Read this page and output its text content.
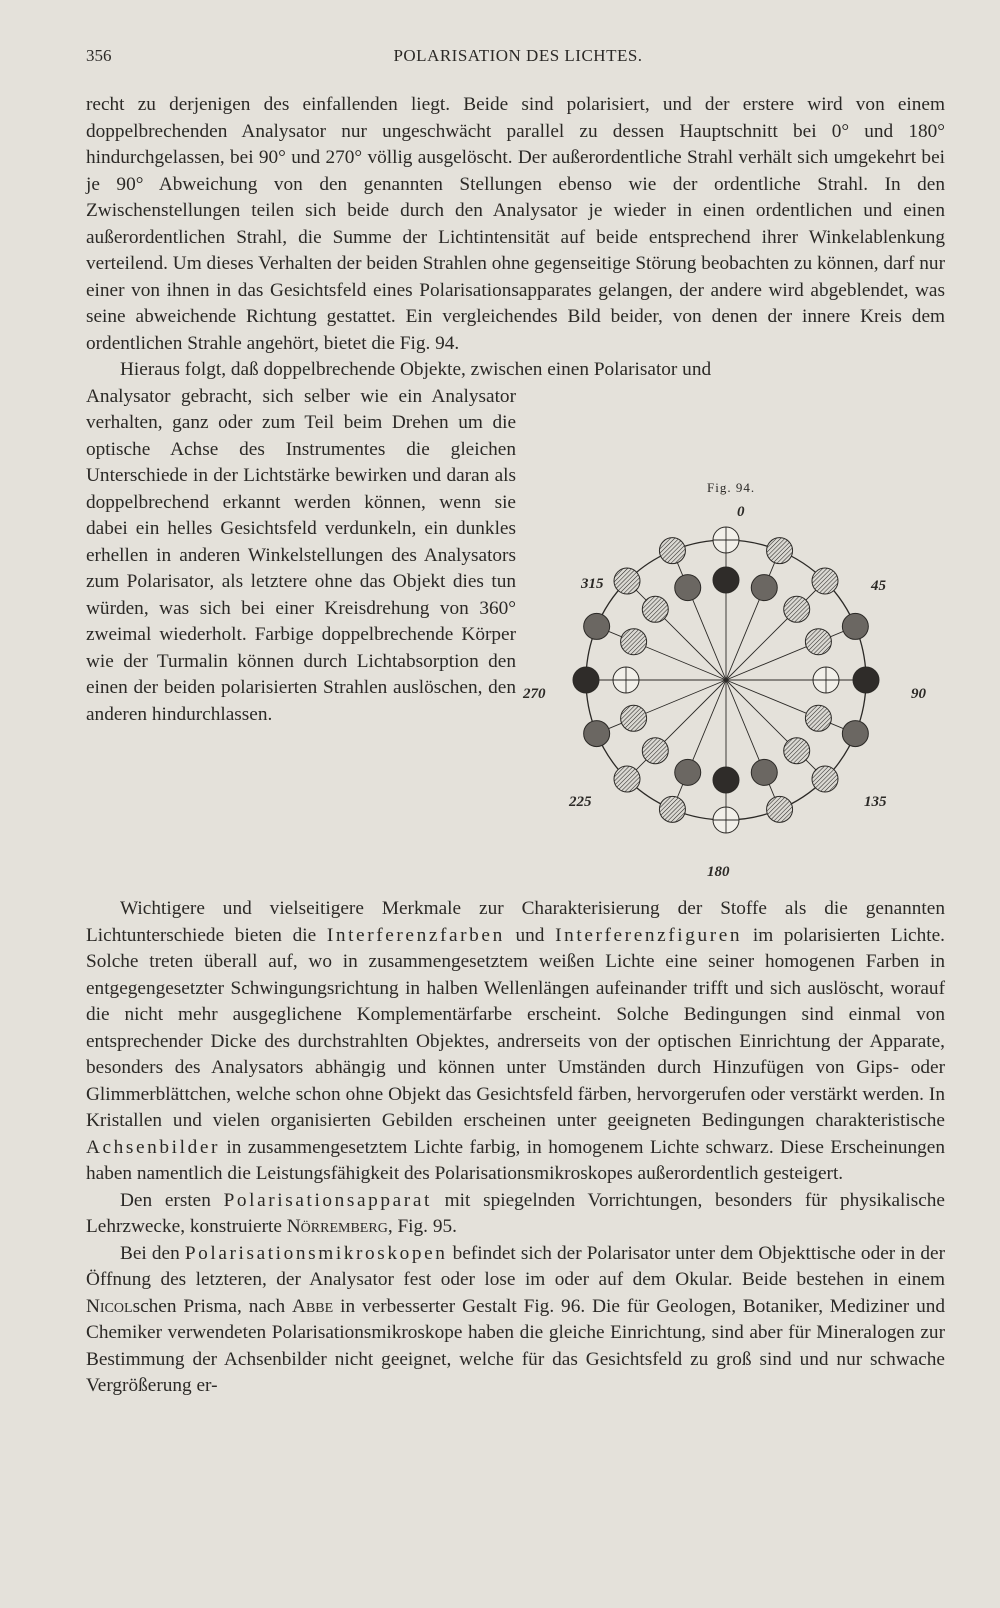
356	POLARISATION DES LICHTES.

recht zu derjenigen des einfallenden liegt. Beide sind polarisiert, und der erstere wird von einem doppelbrechenden Analysator nur ungeschwächt parallel zu dessen Hauptschnitt bei 0° und 180° hindurchgelassen, bei 90° und 270° völlig ausgelöscht. Der außerordentliche Strahl verhält sich umgekehrt bei je 90° Abweichung von den genannten Stellungen ebenso wie der ordentliche Strahl. In den Zwischenstellungen teilen sich beide durch den Analysator je wieder in einen ordentlichen und einen außerordentlichen Strahl, die Summe der Lichtintensität auf beide entsprechend ihrer Winkelablenkung verteilend. Um dieses Verhalten der beiden Strahlen ohne gegenseitige Störung beobachten zu können, darf nur einer von ihnen in das Gesichtsfeld eines Polarisationsapparates gelangen, der andere wird abgeblendet, was seine abweichende Richtung gestattet. Ein vergleichendes Bild beider, von denen der innere Kreis dem ordentlichen Strahle angehört, bietet die Fig. 94.

Hieraus folgt, daß doppelbrechende Objekte, zwischen einen Polarisator und

Analysator gebracht, sich selber wie ein Analysator verhalten, ganz oder zum Teil beim Drehen um die optische Achse des Instrumentes die gleichen Unterschiede in der Lichtstärke bewirken und daran als doppelbrechend erkannt werden können, wenn sie dabei ein helles Gesichtsfeld verdunkeln, ein dunkles erhellen in anderen Winkelstellungen des Analysators zum Polarisator, als letztere ohne das Objekt dies tun würden, was sich bei einer Kreisdrehung von 360° zweimal wiederholt. Farbige doppelbrechende Körper wie der Turmalin können durch Lichtabsorption den einen der beiden polarisierten Strahlen auslöschen, den anderen hindurchlassen.

Fig. 94.
0
45
90
135
180
225
270
315

Wichtigere und vielseitigere Merkmale zur Charakterisierung der Stoffe als die genannten Lichtunterschiede bieten die Interferenzfarben und Interferenzfiguren im polarisierten Lichte. Solche treten überall auf, wo in zusammengesetztem weißen Lichte eine seiner homogenen Farben in entgegengesetzter Schwingungsrichtung in halben Wellenlängen aufeinander trifft und sich auslöscht, worauf die nicht mehr ausgeglichene Komplementärfarbe erscheint. Solche Bedingungen sind einmal von entsprechender Dicke des durchstrahlten Objektes, andrerseits von der optischen Einrichtung der Apparate, besonders des Analysators abhängig und können unter Umständen durch Hinzufügen von Gips- oder Glimmerblättchen, welche schon ohne Objekt das Gesichtsfeld färben, hervorgerufen oder verstärkt werden. In Kristallen und vielen organisierten Gebilden erscheinen unter geeigneten Bedingungen charakteristische Achsenbilder in zusammengesetztem Lichte farbig, in homogenem Lichte schwarz. Diese Erscheinungen haben namentlich die Leistungsfähigkeit des Polarisationsmikroskopes außerordentlich gesteigert.

Den ersten Polarisationsapparat mit spiegelnden Vorrichtungen, besonders für physikalische Lehrzwecke, konstruierte Nörremberg, Fig. 95.

Bei den Polarisationsmikroskopen befindet sich der Polarisator unter dem Objekttische oder in der Öffnung des letzteren, der Analysator fest oder lose im oder auf dem Okular. Beide bestehen in einem Nicolschen Prisma, nach Abbe in verbesserter Gestalt Fig. 96. Die für Geologen, Botaniker, Mediziner und Chemiker verwendeten Polarisationsmikroskope haben die gleiche Einrichtung, sind aber für Mineralogen zur Bestimmung der Achsenbilder nicht geeignet, welche für das Gesichtsfeld zu groß sind und nur schwache Vergrößerung er-
